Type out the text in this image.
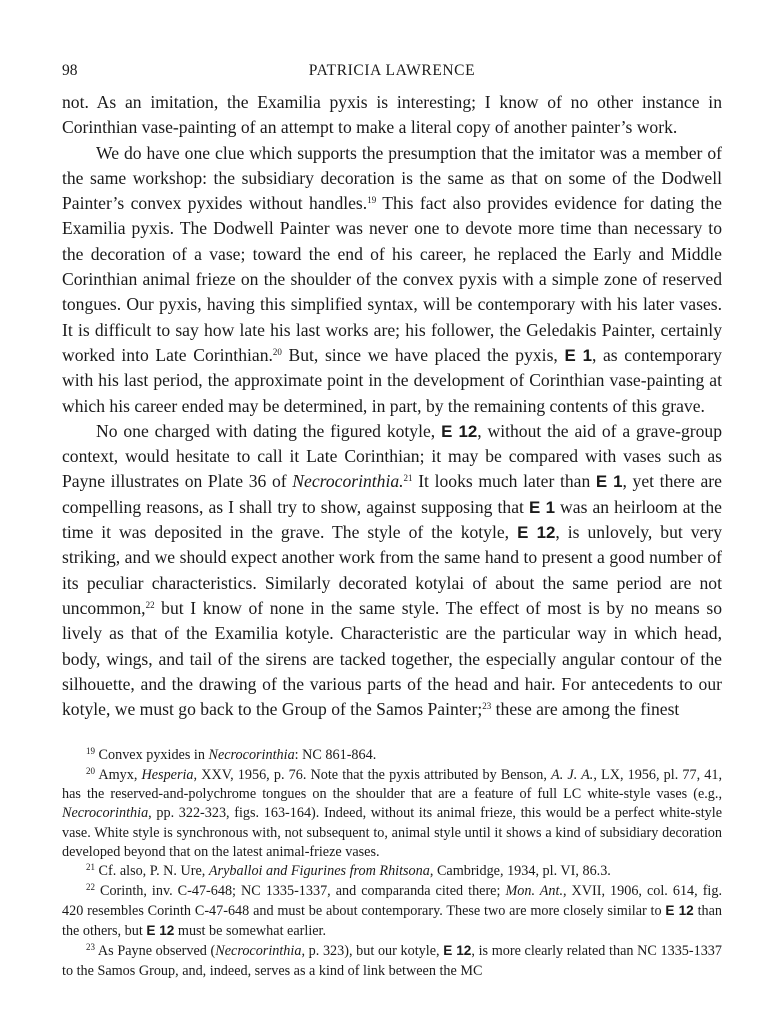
98	PATRICIA LAWRENCE

not. As an imitation, the Examilia pyxis is interesting; I know of no other instance in Corinthian vase-painting of an attempt to make a literal copy of another painter’s work.

We do have one clue which supports the presumption that the imitator was a member of the same workshop: the subsidiary decoration is the same as that on some of the Dodwell Painter’s convex pyxides without handles.$^{19}$ This fact also provides evidence for dating the Examilia pyxis. The Dodwell Painter was never one to devote more time than necessary to the decoration of a vase; toward the end of his career, he replaced the Early and Middle Corinthian animal frieze on the shoulder of the convex pyxis with a simple zone of reserved tongues. Our pyxis, having this simplified syntax, will be contemporary with his later vases. It is difficult to say how late his last works are; his follower, the Geledakis Painter, certainly worked into Late Corinthian.$^{20}$ But, since we have placed the pyxis, E 1, as contemporary with his last period, the approximate point in the development of Corinthian vase-painting at which his career ended may be determined, in part, by the remaining contents of this grave.

No one charged with dating the figured kotyle, E 12, without the aid of a grave-group context, would hesitate to call it Late Corinthian; it may be compared with vases such as Payne illustrates on Plate 36 of Necrocorinthia.$^{21}$ It looks much later than E 1, yet there are compelling reasons, as I shall try to show, against supposing that E 1 was an heirloom at the time it was deposited in the grave. The style of the kotyle, E 12, is unlovely, but very striking, and we should expect another work from the same hand to present a good number of its peculiar characteristics. Similarly decorated kotylai of about the same period are not uncommon,$^{22}$ but I know of none in the same style. The effect of most is by no means so lively as that of the Examilia kotyle. Characteristic are the particular way in which head, body, wings, and tail of the sirens are tacked together, the especially angular contour of the silhouette, and the drawing of the various parts of the head and hair. For antecedents to our kotyle, we must go back to the Group of the Samos Painter;$^{23}$ these are among the finest

$^{19}$ Convex pyxides in Necrocorinthia: NC 861-864.

$^{20}$ Amyx, Hesperia, XXV, 1956, p. 76. Note that the pyxis attributed by Benson, A. J. A., LX, 1956, pl. 77, 41, has the reserved-and-polychrome tongues on the shoulder that are a feature of full LC white-style vases (e.g., Necrocorinthia, pp. 322-323, figs. 163-164). Indeed, without its animal frieze, this would be a perfect white-style vase. White style is synchronous with, not subsequent to, animal style until it shows a kind of subsidiary decoration developed beyond that on the latest animal-frieze vases.

$^{21}$ Cf. also, P. N. Ure, Aryballoi and Figurines from Rhitsona, Cambridge, 1934, pl. VI, 86.3.

$^{22}$ Corinth, inv. C-47-648; NC 1335-1337, and comparanda cited there; Mon. Ant., XVII, 1906, col. 614, fig. 420 resembles Corinth C-47-648 and must be about contemporary. These two are more closely similar to E 12 than the others, but E 12 must be somewhat earlier.

$^{23}$ As Payne observed (Necrocorinthia, p. 323), but our kotyle, E 12, is more clearly related than NC 1335-1337 to the Samos Group, and, indeed, serves as a kind of link between the MC
